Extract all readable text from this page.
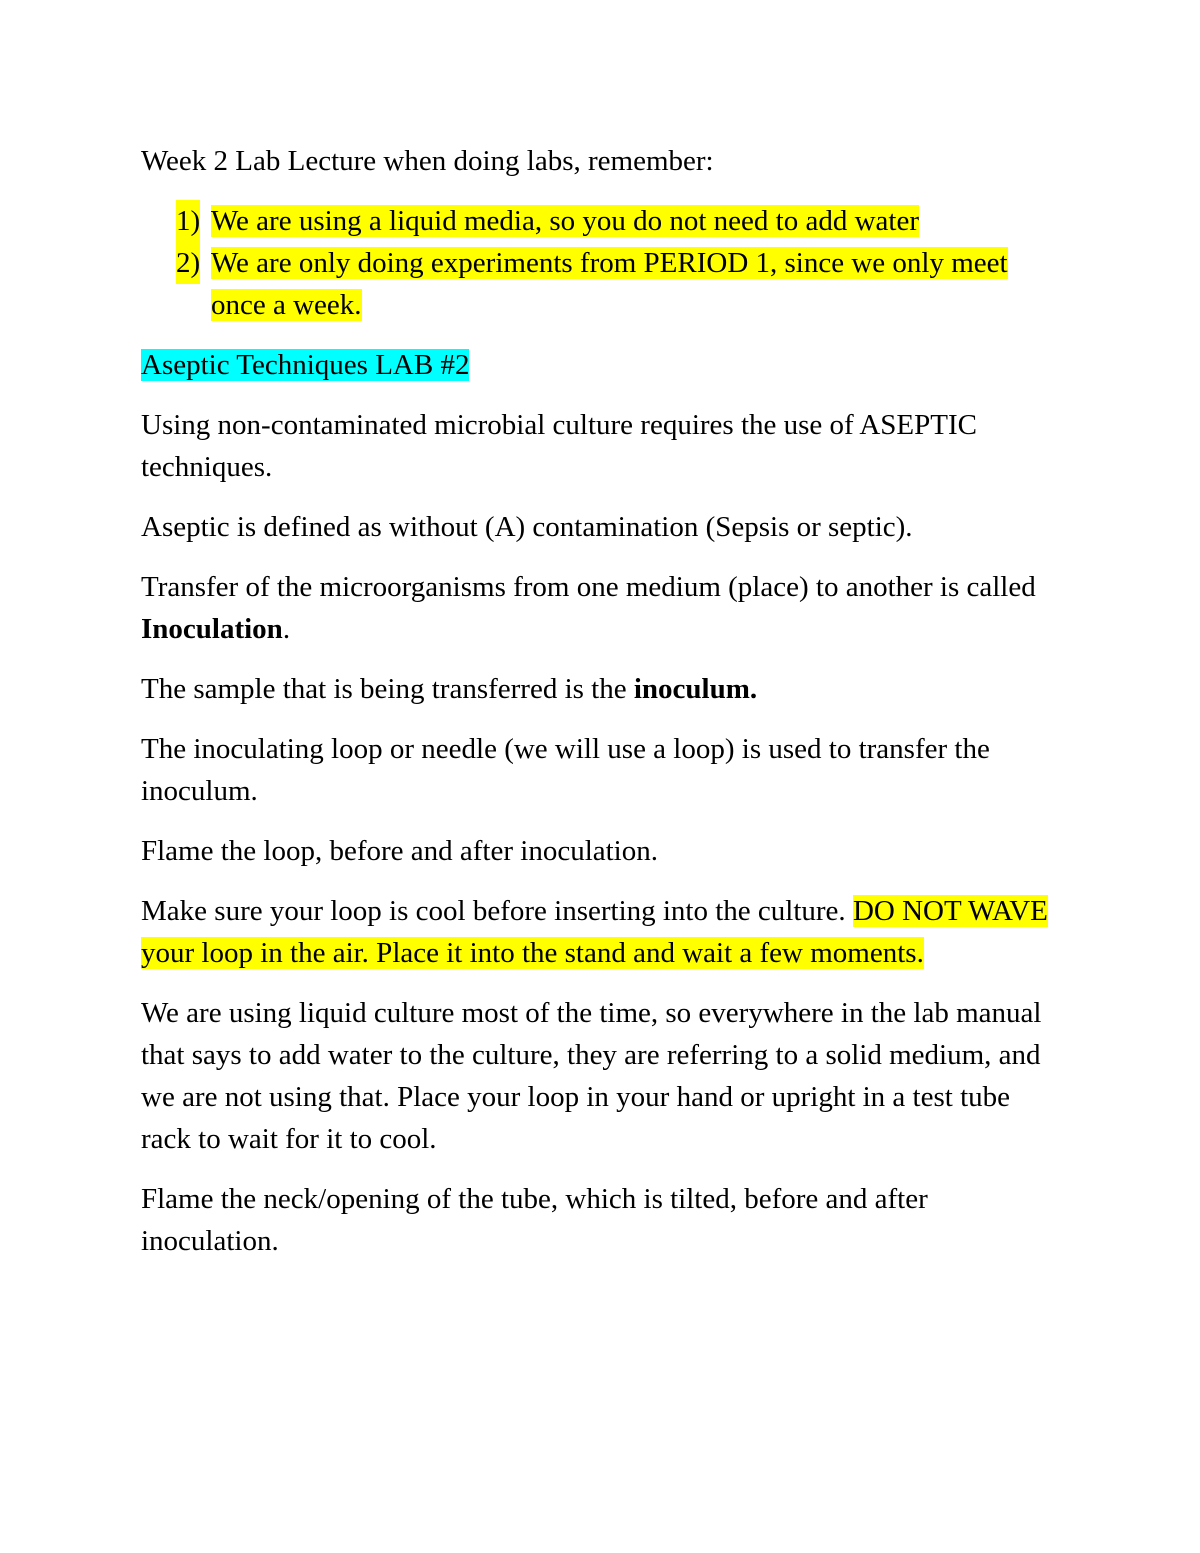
Week 2 Lab Lecture when doing labs, remember:

1) We are using a liquid media, so you do not need to add water
2) We are only doing experiments from PERIOD 1, since we only meet once a week.

Aseptic Techniques LAB #2

Using non-contaminated microbial culture requires the use of ASEPTIC techniques.

Aseptic is defined as without (A) contamination (Sepsis or septic).

Transfer of the microorganisms from one medium (place) to another is called Inoculation.

The sample that is being transferred is the inoculum.

The inoculating loop or needle (we will use a loop) is used to transfer the inoculum.

Flame the loop, before and after inoculation.

Make sure your loop is cool before inserting into the culture. DO NOT WAVE your loop in the air. Place it into the stand and wait a few moments.

We are using liquid culture most of the time, so everywhere in the lab manual that says to add water to the culture, they are referring to a solid medium, and we are not using that. Place your loop in your hand or upright in a test tube rack to wait for it to cool.

Flame the neck/opening of the tube, which is tilted, before and after inoculation.
